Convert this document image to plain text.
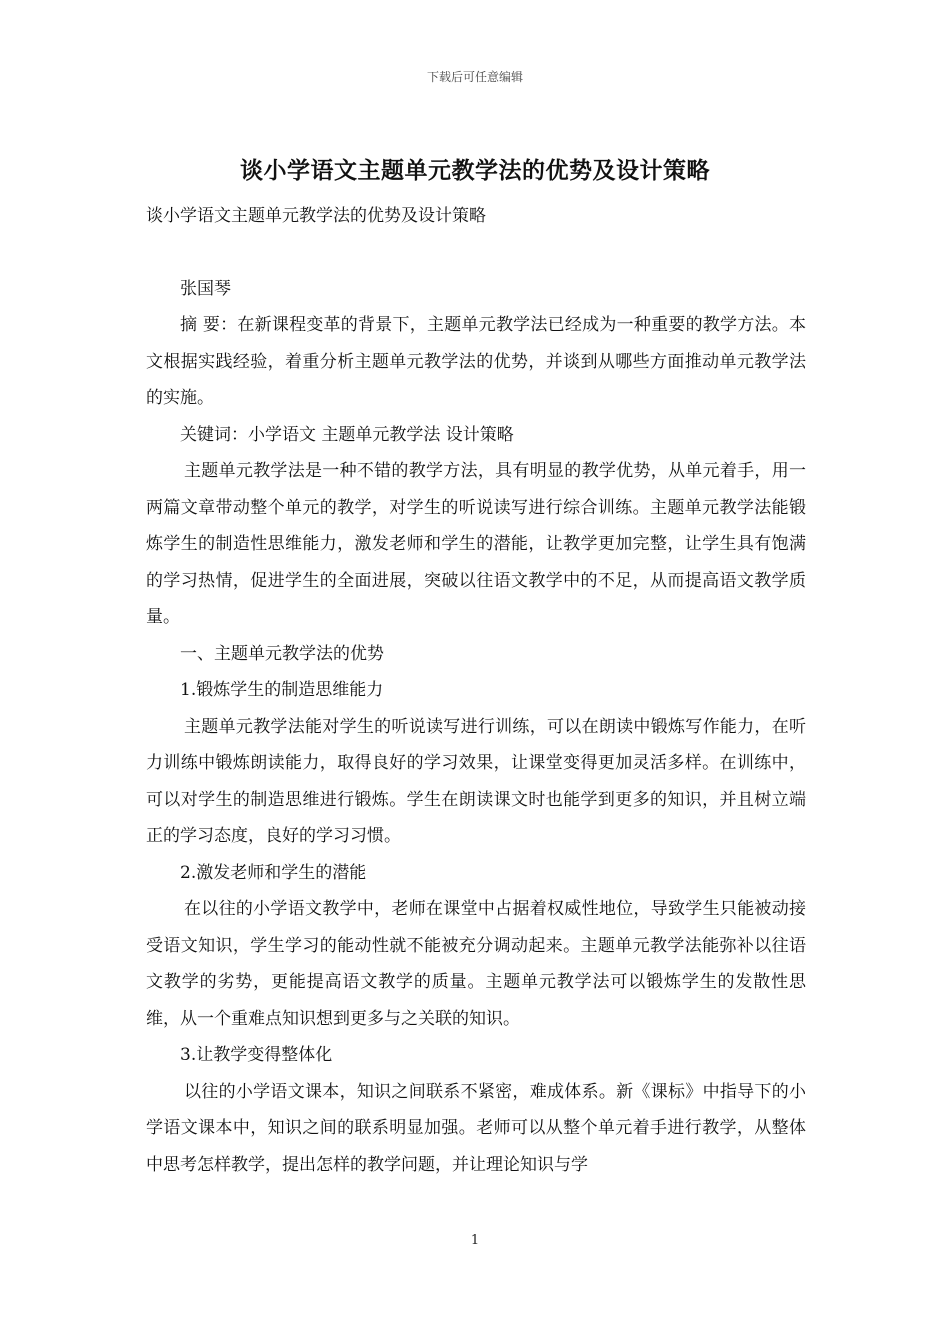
下载后可任意编辑
谈小学语文主题单元教学法的优势及设计策略

谈小学语文主题单元教学法的优势及设计策略

张国琴

摘 要：在新课程变革的背景下，主题单元教学法已经成为一种重要的教学方法。本文根据实践经验，着重分析主题单元教学法的优势，并谈到从哪些方面推动单元教学法的实施。

关键词：小学语文 主题单元教学法 设计策略

主题单元教学法是一种不错的教学方法，具有明显的教学优势，从单元着手，用一两篇文章带动整个单元的教学，对学生的听说读写进行综合训练。主题单元教学法能锻炼学生的制造性思维能力，激发老师和学生的潜能，让教学更加完整，让学生具有饱满的学习热情，促进学生的全面进展，突破以往语文教学中的不足，从而提高语文教学质量。

一、主题单元教学法的优势

1.锻炼学生的制造思维能力

主题单元教学法能对学生的听说读写进行训练，可以在朗读中锻炼写作能力，在听力训练中锻炼朗读能力，取得良好的学习效果，让课堂变得更加灵活多样。在训练中，可以对学生的制造思维进行锻炼。学生在朗读课文时也能学到更多的知识，并且树立端正的学习态度，良好的学习习惯。

2.激发老师和学生的潜能

在以往的小学语文教学中，老师在课堂中占据着权威性地位，导致学生只能被动接受语文知识，学生学习的能动性就不能被充分调动起来。主题单元教学法能弥补以往语文教学的劣势，更能提高语文教学的质量。主题单元教学法可以锻炼学生的发散性思维，从一个重难点知识想到更多与之关联的知识。

3.让教学变得整体化

以往的小学语文课本，知识之间联系不紧密，难成体系。新《课标》中指导下的小学语文课本中，知识之间的联系明显加强。老师可以从整个单元着手进行教学，从整体中思考怎样教学，提出怎样的教学问题，并让理论知识与学

1
